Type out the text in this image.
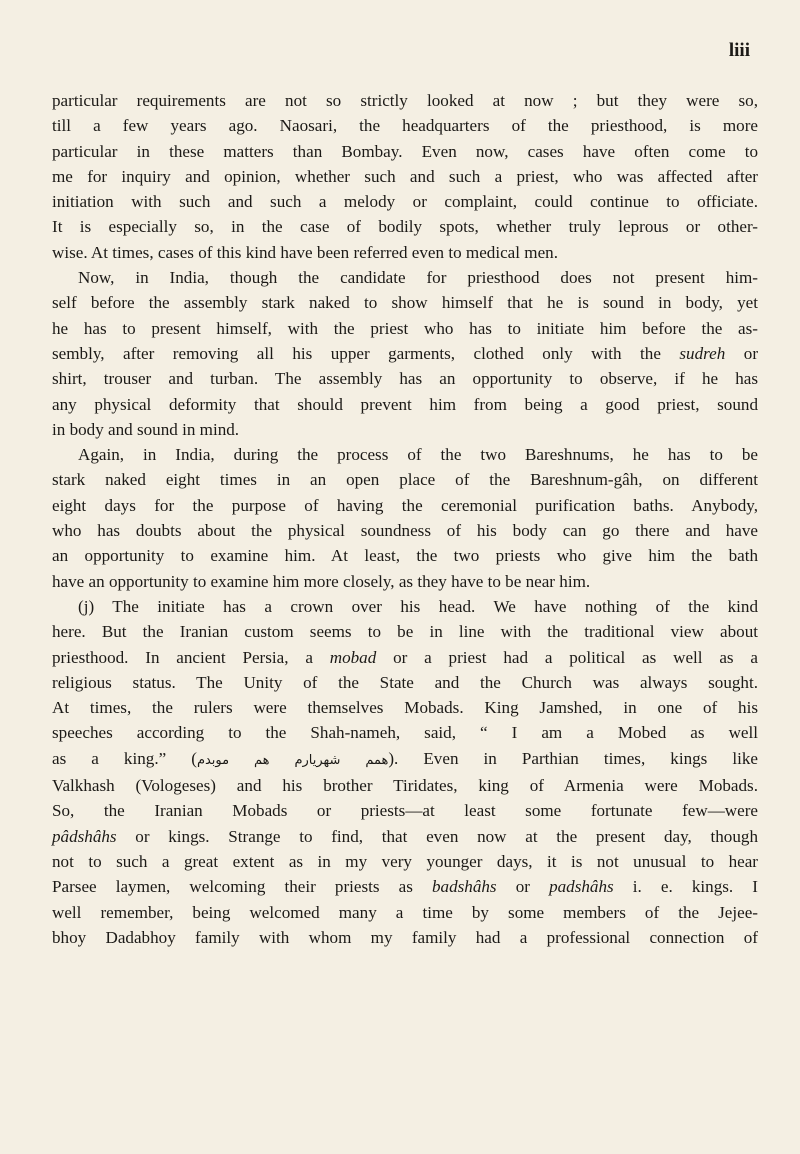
liii
particular requirements are not so strictly looked at now ; but they were so,
till a few years ago. Naosari, the headquarters of the priesthood, is more
particular in these matters than Bombay. Even now, cases have often come to
me for inquiry and opinion, whether such and such a priest, who was affected after
initiation with such and such a melody or complaint, could continue to officiate.
It is especially so, in the case of bodily spots, whether truly leprous or other-
wise. At times, cases of this kind have been referred even to medical men.
Now, in India, though the candidate for priesthood does not present him-
self before the assembly stark naked to show himself that he is sound in body, yet
he has to present himself, with the priest who has to initiate him before the as-
sembly, after removing all his upper garments, clothed only with the sudreh or
shirt, trouser and turban. The assembly has an opportunity to observe, if he has
any physical deformity that should prevent him from being a good priest, sound
in body and sound in mind.
Again, in India, during the process of the two Bareshnums, he has to be
stark naked eight times in an open place of the Bareshnum-gâh, on different
eight days for the purpose of having the ceremonial purification baths. Anybody,
who has doubts about the physical soundness of his body can go there and have
an opportunity to examine him. At least, the two priests who give him the bath
have an opportunity to examine him more closely, as they have to be near him.
(j) The initiate has a crown over his head. We have nothing of the kind
here. But the Iranian custom seems to be in line with the traditional view about
priesthood. In ancient Persia, a mobad or a priest had a political as well as a
religious status. The Unity of the State and the Church was always sought.
At times, the rulers were themselves Mobads. King Jamshed, in one of his
speeches according to the Shah-nameh, said, “ I am a Mobed as well
as a king.” (همم شهریارم هم موبدم). Even in Parthian times, kings like
Valkhash (Vologeses) and his brother Tiridates, king of Armenia were Mobads.
So, the Iranian Mobads or priests—at least some fortunate few—were
pâdshâhs or kings. Strange to find, that even now at the present day, though
not to such a great extent as in my very younger days, it is not unusual to hear
Parsee laymen, welcoming their priests as badshâhs or padshâhs i. e. kings. I
well remember, being welcomed many a time by some members of the Jejee-
bhoy Dadabhoy family with whom my family had a professional connection of
